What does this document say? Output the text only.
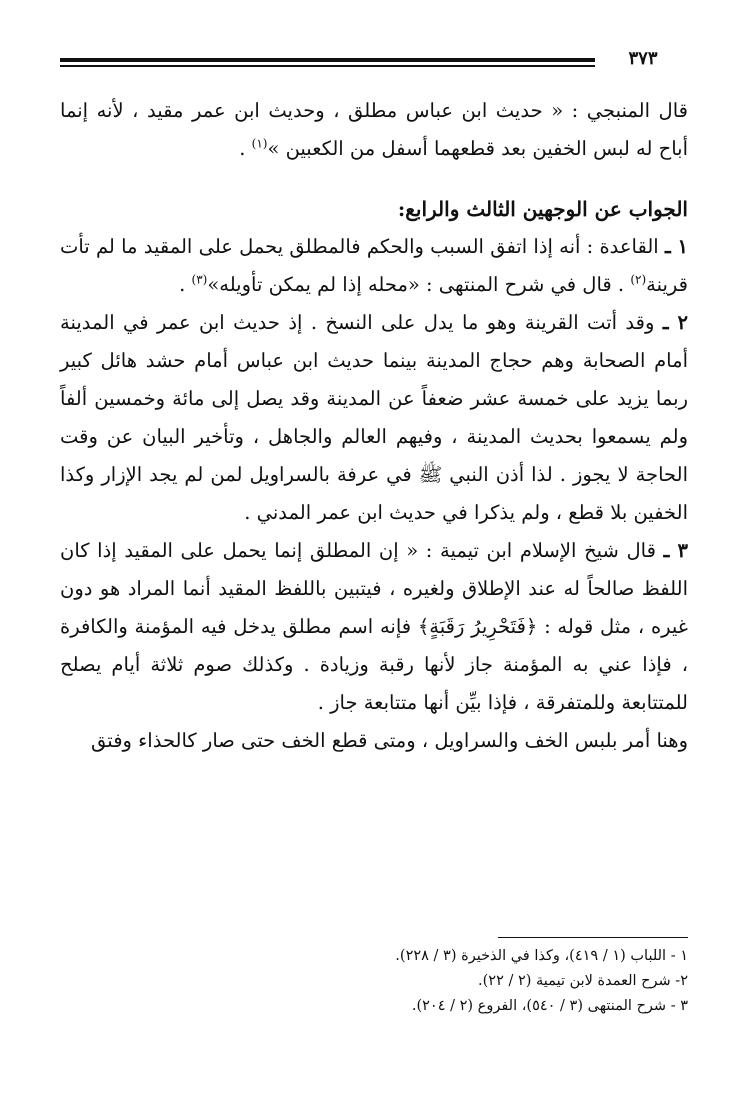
٣٧٣

قال المنبجي : « حديث ابن عباس مطلق ، وحديث ابن عمر مقيد ، لأنه إنما أباح له لبس الخفين بعد قطعهما أسفل من الكعبين »$^{(١)}$ .

الجواب عن الوجهين الثالث والرابع:

١ ـ القاعدة : أنه إذا اتفق السبب والحكم فالمطلق يحمل على المقيد ما لم تأت قرينة$^{(٢)}$ . قال في شرح المنتهى : «محله إذا لم يمكن تأويله»$^{(٣)}$ .

٢ ـ وقد أتت القرينة وهو ما يدل على النسخ . إذ حديث ابن عمر في المدينة أمام الصحابة وهم حجاج المدينة بينما حديث ابن عباس أمام حشد هائل كبير ربما يزيد على خمسة عشر ضعفاً عن المدينة وقد يصل إلى مائة وخمسين ألفاً ولم يسمعوا بحديث المدينة ، وفيهم العالم والجاهل ، وتأخير البيان عن وقت الحاجة لا يجوز . لذا أذن النبي ﷺ في عرفة بالسراويل لمن لم يجد الإزار وكذا الخفين بلا قطع ، ولم يذكرا في حديث ابن عمر المدني .

٣ ـ قال شيخ الإسلام ابن تيمية : « إن المطلق إنما يحمل على المقيد إذا كان اللفظ صالحاً له عند الإطلاق ولغيره ، فيتبين باللفظ المقيد أنما المراد هو دون غيره ، مثل قوله : ﴿فَتَحْرِيرُ رَقَبَةٍ﴾ فإنه اسم مطلق يدخل فيه المؤمنة والكافرة ، فإذا عني به المؤمنة جاز لأنها رقبة وزيادة . وكذلك صوم ثلاثة أيام يصلح للمتتابعة وللمتفرقة ، فإذا بيِّن أنها متتابعة جاز .

وهنا أمر بلبس الخف والسراويل ، ومتى قطع الخف حتى صار كالحذاء وفتق

١ - اللباب (١ / ٤١٩)، وكذا في الذخيرة (٣ / ٢٢٨).

٢- شرح العمدة لابن تيمية (٢ / ٢٢).

٣ - شرح المنتهى (٣ / ٥٤٠)، الفروع (٢ / ٢٠٤).
